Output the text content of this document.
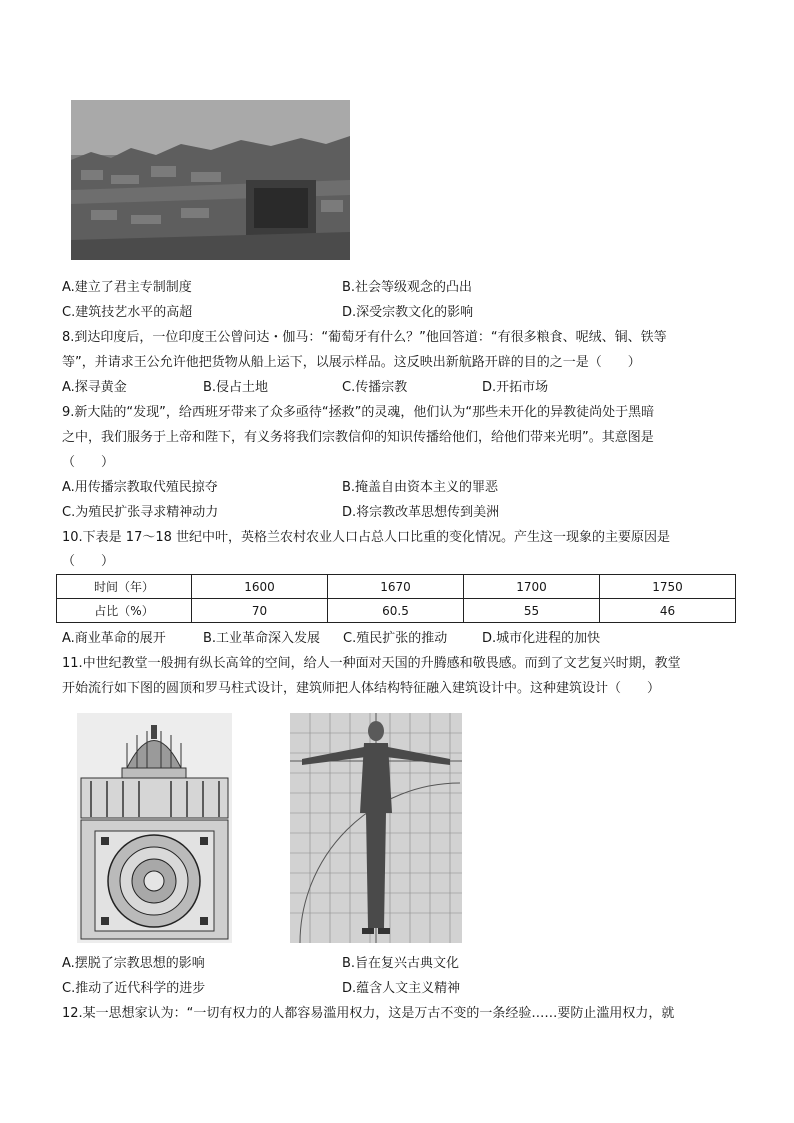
A.建立了君主专制制度	B.社会等级观念的凸出
C.建筑技艺水平的高超	D.深受宗教文化的影响
8.到达印度后，一位印度王公曾问达・伽马：“葡萄牙有什么？”他回答道：“有很多粮食、呢绒、铜、铁等
等”，并请求王公允许他把货物从船上运下，以展示样品。这反映出新航路开辟的目的之一是（　　）
A.探寻黄金	B.侵占土地	C.传播宗教	D.开拓市场
9.新大陆的“发现”，给西班牙带来了众多亟待“拯救”的灵魂，他们认为“那些未开化的异教徒尚处于黑暗
之中，我们服务于上帝和陛下，有义务将我们宗教信仰的知识传播给他们，给他们带来光明”。其意图是
（　　）
A.用传播宗教取代殖民掠夺	B.掩盖自由资本主义的罪恶
C.为殖民扩张寻求精神动力	D.将宗教改革思想传到美洲
10.下表是 17～18 世纪中叶，英格兰农村农业人口占总人口比重的变化情况。产生这一现象的主要原因是
（　　）
时间（年）	1600	1670	1700	1750
占比（%）	70	60.5	55	46
A.商业革命的展开	B.工业革命深入发展 C.殖民扩张的推动	D.城市化进程的加快
11.中世纪教堂一般拥有纵长高耸的空间，给人一种面对天国的升腾感和敬畏感。而到了文艺复兴时期，教堂
开始流行如下图的圆顶和罗马柱式设计，建筑师把人体结构特征融入建筑设计中。这种建筑设计（　　）
A.摆脱了宗教思想的影响	B.旨在复兴古典文化
C.推动了近代科学的进步	D.蕴含人文主义精神
12.某一思想家认为：“一切有权力的人都容易滥用权力，这是万古不变的一条经验……要防止滥用权力，就
